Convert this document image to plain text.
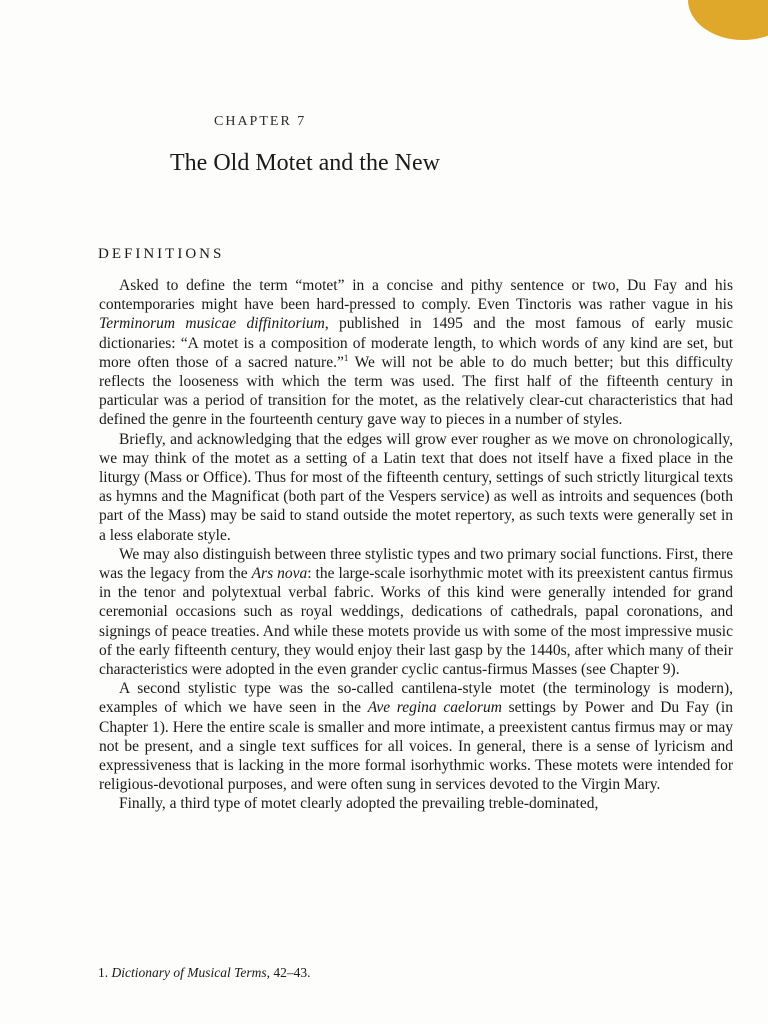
CHAPTER 7
The Old Motet and the New
DEFINITIONS

Asked to define the term “motet” in a concise and pithy sentence or two, Du Fay and his contemporaries might have been hard-pressed to comply. Even Tinctoris was rather vague in his Terminorum musicae diffinitorium, published in 1495 and the most famous of early music dictionaries: “A motet is a composition of moderate length, to which words of any kind are set, but more often those of a sacred nature.”$^1$ We will not be able to do much better; but this difficulty reflects the looseness with which the term was used. The first half of the fifteenth century in particular was a period of transition for the motet, as the relatively clear-cut characteristics that had defined the genre in the fourteenth century gave way to pieces in a number of styles.

Briefly, and acknowledging that the edges will grow ever rougher as we move on chronologically, we may think of the motet as a setting of a Latin text that does not itself have a fixed place in the liturgy (Mass or Office). Thus for most of the fifteenth century, settings of such strictly liturgical texts as hymns and the Magnificat (both part of the Vespers service) as well as introits and sequences (both part of the Mass) may be said to stand outside the motet repertory, as such texts were generally set in a less elaborate style.

We may also distinguish between three stylistic types and two primary social functions. First, there was the legacy from the Ars nova: the large-scale isorhythmic motet with its preexistent cantus firmus in the tenor and polytextual verbal fabric. Works of this kind were generally intended for grand ceremonial occasions such as royal weddings, dedications of cathedrals, papal coronations, and signings of peace treaties. And while these motets provide us with some of the most impressive music of the early fifteenth century, they would enjoy their last gasp by the 1440s, after which many of their characteristics were adopted in the even grander cyclic cantus-firmus Masses (see Chapter 9).

A second stylistic type was the so-called cantilena-style motet (the terminology is modern), examples of which we have seen in the Ave regina caelorum settings by Power and Du Fay (in Chapter 1). Here the entire scale is smaller and more intimate, a preexistent cantus firmus may or may not be present, and a single text suffices for all voices. In general, there is a sense of lyricism and expressiveness that is lacking in the more formal isorhythmic works. These motets were intended for religious-devotional purposes, and were often sung in services devoted to the Virgin Mary.

Finally, a third type of motet clearly adopted the prevailing treble-dominated,

1. Dictionary of Musical Terms, 42–43.
